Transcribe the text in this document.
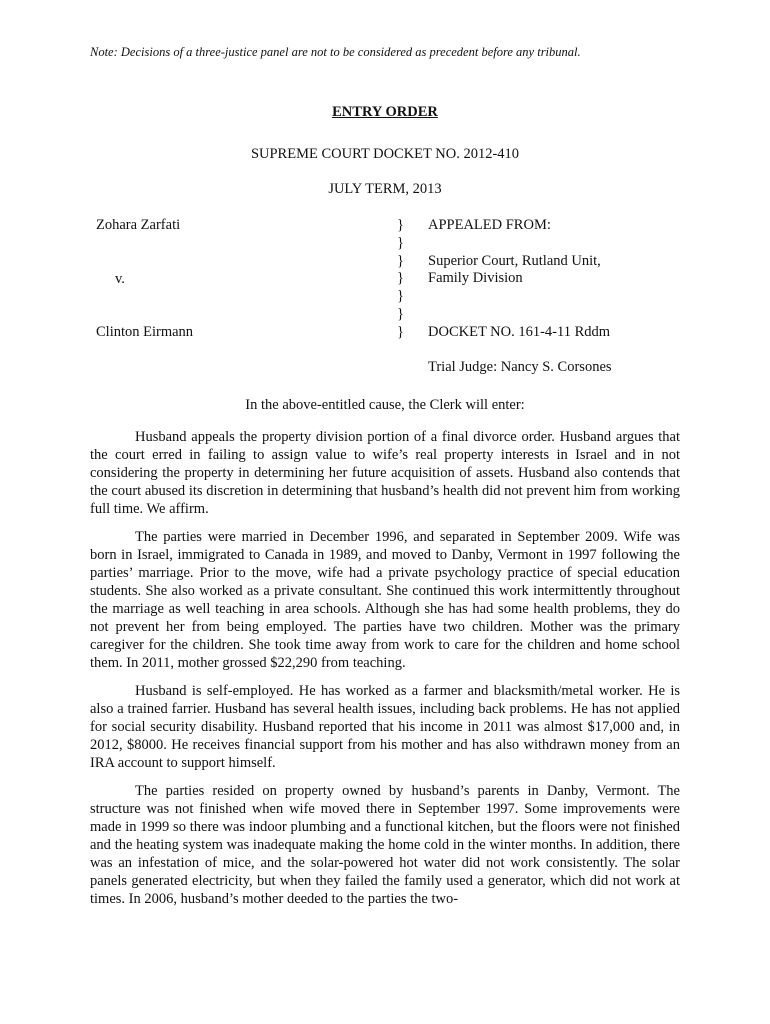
Note: Decisions of a three-justice panel are not to be considered as precedent before any tribunal.
ENTRY ORDER
SUPREME COURT DOCKET NO. 2012-410
JULY TERM, 2013
Zohara Zarfati
v.
Clinton Eirmann
}
}
}
}
}
}
}
APPEALED FROM:
Superior Court, Rutland Unit,
Family Division
DOCKET NO. 161-4-11 Rddm
Trial Judge: Nancy S. Corsones
In the above-entitled cause, the Clerk will enter:

Husband appeals the property division portion of a final divorce order. Husband argues that the court erred in failing to assign value to wife’s real property interests in Israel and in not considering the property in determining her future acquisition of assets. Husband also contends that the court abused its discretion in determining that husband’s health did not prevent him from working full time. We affirm.

The parties were married in December 1996, and separated in September 2009. Wife was born in Israel, immigrated to Canada in 1989, and moved to Danby, Vermont in 1997 following the parties’ marriage. Prior to the move, wife had a private psychology practice of special education students. She also worked as a private consultant. She continued this work intermittently throughout the marriage as well teaching in area schools. Although she has had some health problems, they do not prevent her from being employed. The parties have two children. Mother was the primary caregiver for the children. She took time away from work to care for the children and home school them. In 2011, mother grossed $22,290 from teaching.

Husband is self-employed. He has worked as a farmer and blacksmith/metal worker. He is also a trained farrier. Husband has several health issues, including back problems. He has not applied for social security disability. Husband reported that his income in 2011 was almost $17,000 and, in 2012, $8000. He receives financial support from his mother and has also withdrawn money from an IRA account to support himself.

The parties resided on property owned by husband’s parents in Danby, Vermont. The structure was not finished when wife moved there in September 1997. Some improvements were made in 1999 so there was indoor plumbing and a functional kitchen, but the floors were not finished and the heating system was inadequate making the home cold in the winter months. In addition, there was an infestation of mice, and the solar-powered hot water did not work consistently. The solar panels generated electricity, but when they failed the family used a generator, which did not work at times. In 2006, husband’s mother deeded to the parties the two-
